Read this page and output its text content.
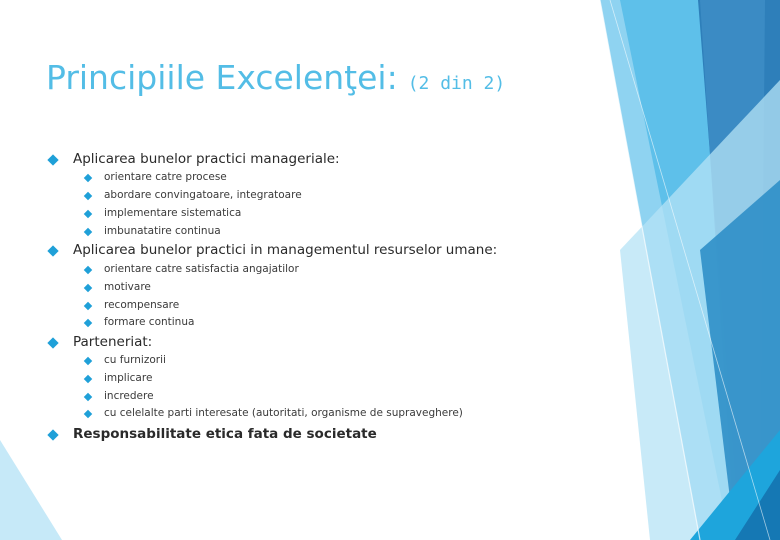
Principiile Excelenţei: (2 din 2)
Aplicarea bunelor practici manageriale:
orientare catre procese
abordare convingatoare, integratoare
implementare sistematica
imbunatatire continua
Aplicarea bunelor practici in managementul resurselor umane:
orientare catre satisfactia angajatilor
motivare
recompensare
formare continua
Parteneriat:
cu furnizorii
implicare
incredere
cu celelalte parti interesate (autoritati, organisme de supraveghere)
Responsabilitate etica fata de societate
